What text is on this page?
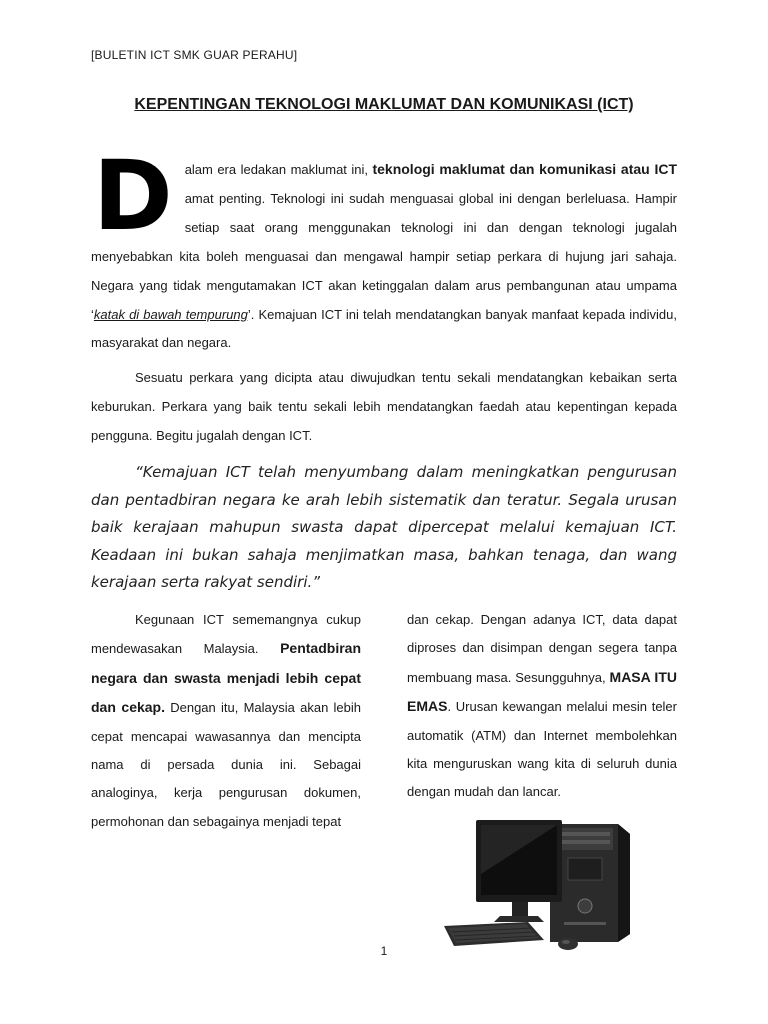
[BULETIN ICT SMK GUAR PERAHU]
KEPENTINGAN TEKNOLOGI MAKLUMAT DAN KOMUNIKASI (ICT)
Dalam era ledakan maklumat ini, teknologi maklumat dan komunikasi atau ICT amat penting. Teknologi ini sudah menguasai global ini dengan berleluasa. Hampir setiap saat orang menggunakan teknologi ini dan dengan teknologi jugalah menyebabkan kita boleh menguasai dan mengawal hampir setiap perkara di hujung jari sahaja. Negara yang tidak mengutamakan ICT akan ketinggalan dalam arus pembangunan atau umpama ‘katak di bawah tempurung’. Kemajuan ICT ini telah mendatangkan banyak manfaat kepada individu, masyarakat dan negara.
Sesuatu perkara yang dicipta atau diwujudkan tentu sekali mendatangkan kebaikan serta keburukan. Perkara yang baik tentu sekali lebih mendatangkan faedah atau kepentingan kepada pengguna. Begitu jugalah dengan ICT.
“Kemajuan ICT telah menyumbang dalam meningkatkan pengurusan dan pentadbiran negara ke arah lebih sistematik dan teratur. Segala urusan baik kerajaan mahupun swasta dapat dipercepat melalui kemajuan ICT. Keadaan ini bukan sahaja menjimatkan masa, bahkan tenaga, dan wang kerajaan serta rakyat sendiri.”
Kegunaan ICT sememangnya cukup mendewasakan Malaysia. Pentadbiran negara dan swasta menjadi lebih cepat dan cekap. Dengan itu, Malaysia akan lebih cepat mencapai wawasannya dan mencipta nama di persada dunia ini. Sebagai analoginya, kerja pengurusan dokumen, permohonan dan sebagainya menjadi tepat
dan cekap. Dengan adanya ICT, data dapat diproses dan disimpan dengan segera tanpa membuang masa. Sesungguhnya, MASA ITU EMAS. Urusan kewangan melalui mesin teler automatik (ATM) dan Internet membolehkan kita menguruskan wang kita di seluruh dunia dengan mudah dan lancar.
1
